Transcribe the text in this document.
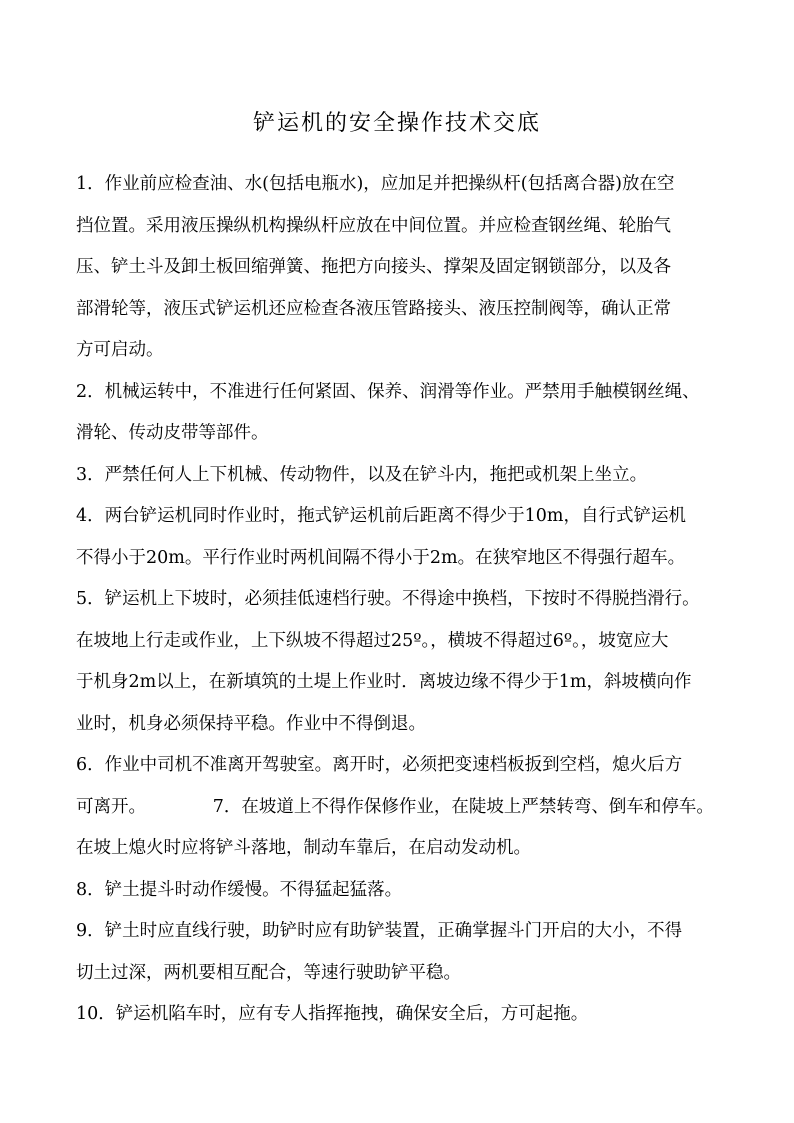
铲运机的安全操作技术交底

1．作业前应检查油、水(包括电瓶水)，应加足并把操纵杆(包括离合器)放在空

挡位置。采用液压操纵机构操纵杆应放在中间位置。并应检查钢丝绳、轮胎气

压、铲土斗及卸土板回缩弹簧、拖把方向接头、撑架及固定钢锁部分，以及各

部滑轮等，液压式铲运机还应检查各液压管路接头、液压控制阀等，确认正常

方可启动。

2．机械运转中，不准进行任何紧固、保养、润滑等作业。严禁用手触模钢丝绳、

滑轮、传动皮带等部件。

3．严禁任何人上下机械、传动物件，以及在铲斗内，拖把或机架上坐立。

4．两台铲运机同时作业时，拖式铲运机前后距离不得少于10m，自行式铲运机

不得小于20m。平行作业时两机间隔不得小于2m。在狭窄地区不得强行超车。

5．铲运机上下坡时，必须挂低速档行驶。不得途中换档，下按时不得脱挡滑行。

在坡地上行走或作业，上下纵坡不得超过25º。，横坡不得超过6º。，坡宽应大

于机身2m以上，在新填筑的土堤上作业时．离坡边缘不得少于1m，斜坡横向作

业时，机身必须保持平稳。作业中不得倒退。

6．作业中司机不准离开驾驶室。离开时，必须把变速档板扳到空档，熄火后方

可离开。            7．在坡道上不得作保修作业，在陡坡上严禁转弯、倒车和停车。

在坡上熄火时应将铲斗落地，制动车靠后，在启动发动机。

8．铲土提斗时动作缓慢。不得猛起猛落。

9．铲土时应直线行驶，助铲时应有助铲装置，正确掌握斗门开启的大小，不得

切土过深，两机要相互配合，等速行驶助铲平稳。

10．铲运机陷车时，应有专人指挥拖拽，确保安全后，方可起拖。
